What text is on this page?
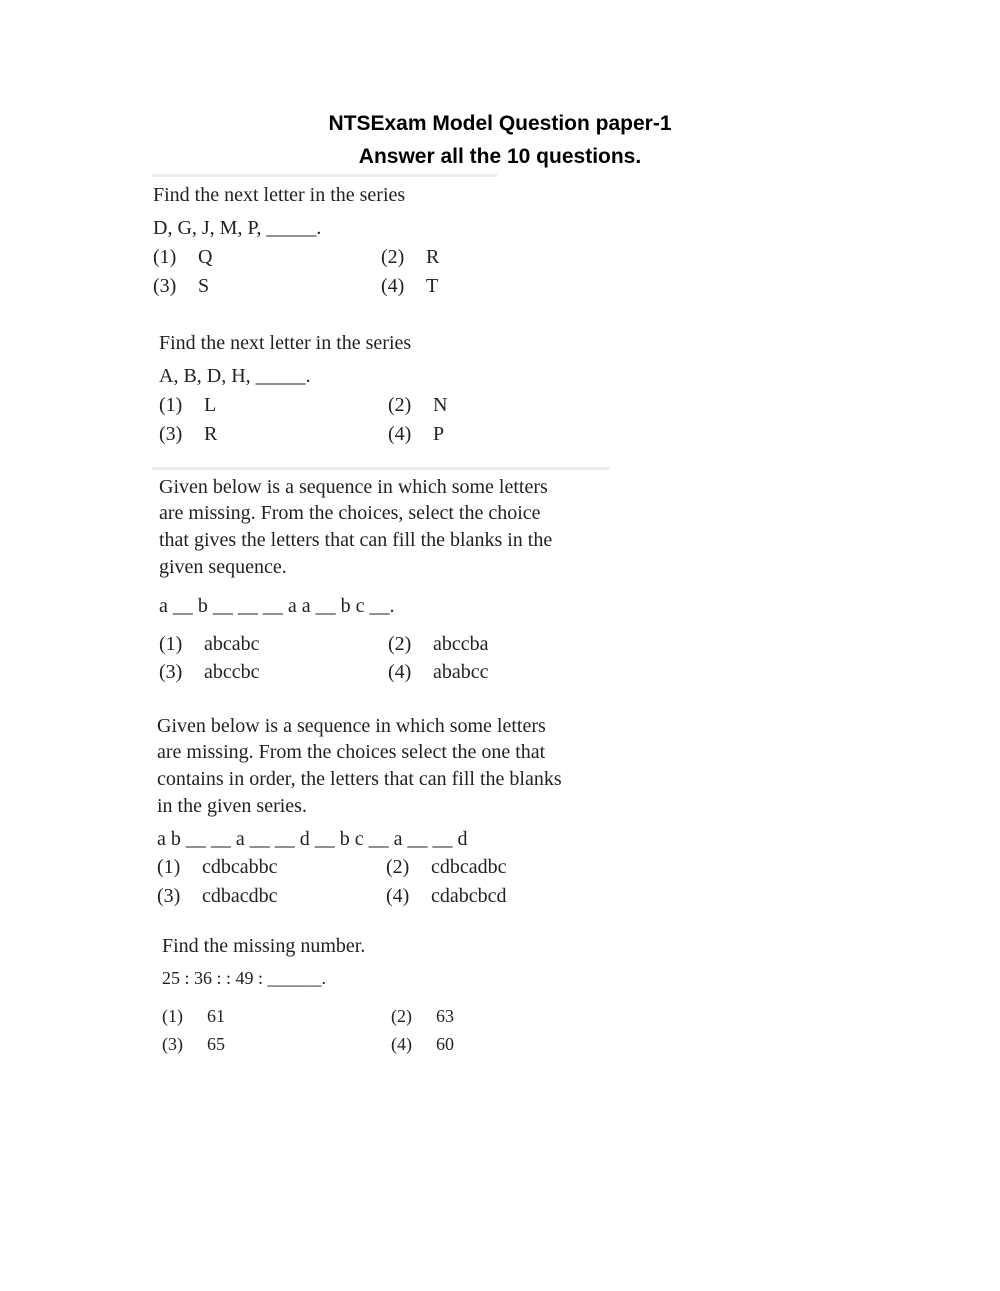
NTSExam Model Question paper-1
Answer all the 10 questions.
Find the next letter in the series
D, G, J, M, P, _____.
(1) Q	(2) R
(3) S	(4) T
Find the next letter in the series
A, B, D, H, _____.
(1) L	(2) N
(3) R	(4) P
Given below is a sequence in which some letters
are missing. From the choices, select the choice
that gives the letters that can fill the blanks in the
given sequence.
a __ b __ __ __ a a __ b c __.
(1) abcabc	(2) abccba
(3) abccbc	(4) ababcc
Given below is a sequence in which some letters
are missing. From the choices select the one that
contains in order, the letters that can fill the blanks
in the given series.
a b __ __ a __ __ d __ b c __ a __ __ d
(1) cdbcabbc	(2) cdbcadbc
(3) cdbacdbc	(4) cdabcbcd
Find the missing number.
25 : 36 : : 49 : ______.
(1) 61	(2) 63
(3) 65	(4) 60
